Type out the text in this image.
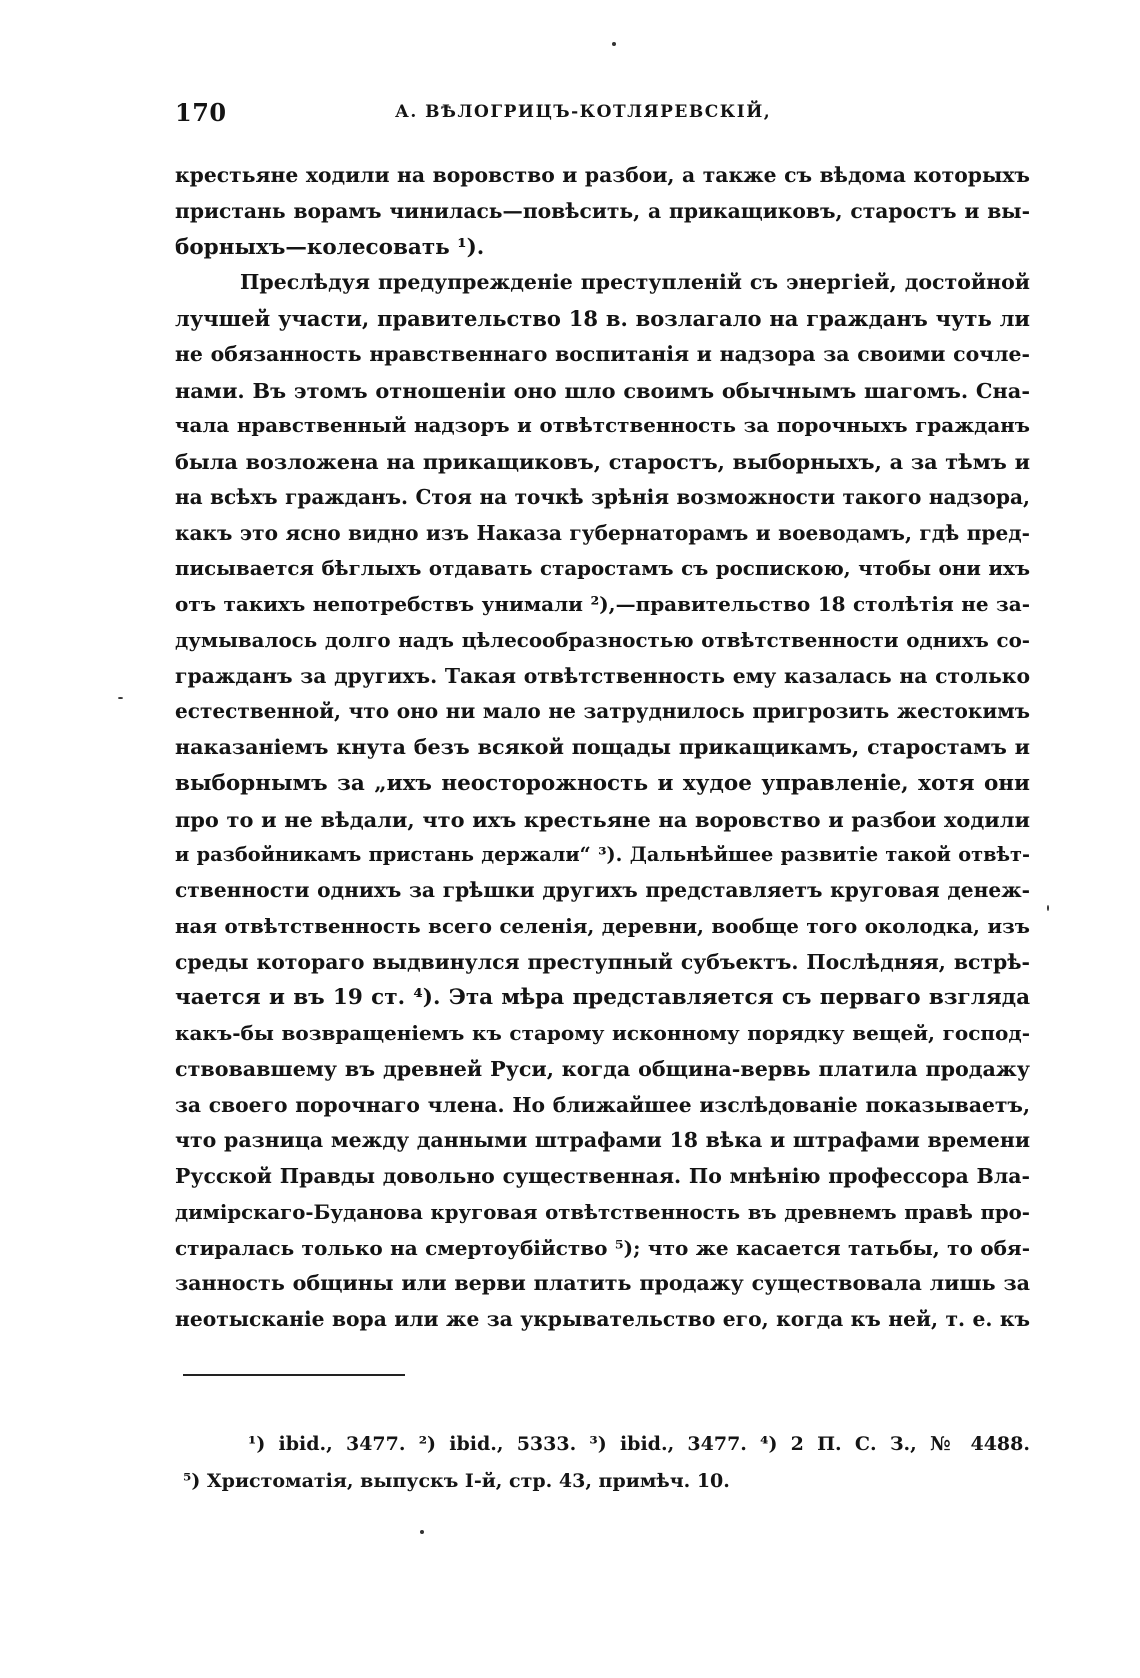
170	А. ВѢЛОГРИЦЪ-КОТЛЯРЕВСКІЙ,
крестьяне ходили на воровство и разбои, а также съ вѣдома которыхъ
пристань ворамъ чинилась—повѣсить, а прикащиковъ, старостъ и вы-
борныхъ—колесовать ¹).
Преслѣдуя предупрежденіе преступленій съ энергіей, достойной
лучшей участи, правительство 18 в. возлагало на гражданъ чуть ли
не обязанность нравственнаго воспитанія и надзора за своими сочле-
нами. Въ этомъ отношеніи оно шло своимъ обычнымъ шагомъ. Сна-
чала нравственный надзоръ и отвѣтственность за порочныхъ гражданъ
была возложена на прикащиковъ, старостъ, выборныхъ, а за тѣмъ и
на всѣхъ гражданъ. Стоя на точкѣ зрѣнія возможности такого надзора,
какъ это ясно видно изъ Наказа губернаторамъ и воеводамъ, гдѣ пред-
писывается бѣглыхъ отдавать старостамъ съ роспискою, чтобы они ихъ
отъ такихъ непотребствъ унимали ²),—правительство 18 столѣтія не за-
думывалось долго надъ цѣлесообразностью отвѣтственности однихъ со-
гражданъ за другихъ. Такая отвѣтственность ему казалась на столько
естественной, что оно ни мало не затруднилось пригрозить жестокимъ
наказаніемъ кнута безъ всякой пощады прикащикамъ, старостамъ и
выборнымъ за „ихъ неосторожность и худое управленіе, хотя они
про то и не вѣдали, что ихъ крестьяне на воровство и разбои ходили
и разбойникамъ пристань держали“ ³). Дальнѣйшее развитіе такой отвѣт-
ственности однихъ за грѣшки другихъ представляетъ круговая денеж-
ная отвѣтственность всего селенія, деревни, вообще того околодка, изъ
среды котораго выдвинулся преступный субъектъ. Послѣдняя, встрѣ-
чается и въ 19 ст. ⁴). Эта мѣра представляется съ перваго взгляда
какъ-бы возвращеніемъ къ старому исконному порядку вещей, господ-
ствовавшему въ древней Руси, когда община-вервь платила продажу
за своего порочнаго члена. Но ближайшее изслѣдованіе показываетъ,
что разница между данными штрафами 18 вѣка и штрафами времени
Русской Правды довольно существенная. По мнѣнію профессора Вла-
димірскаго-Буданова круговая отвѣтственность въ древнемъ правѣ про-
стиралась только на смертоубійство ⁵); что же касается татьбы, то обя-
занность общины или верви платить продажу существовала лишь за
неотысканіе вора или же за укрывательство его, когда къ ней, т. е. къ
¹) ibid., 3477. ²) ibid., 5333. ³) ibid., 3477. ⁴) 2 П. С. З., № 4488.
⁵) Христоматія, выпускъ I-й, стр. 43, примѣч. 10.
